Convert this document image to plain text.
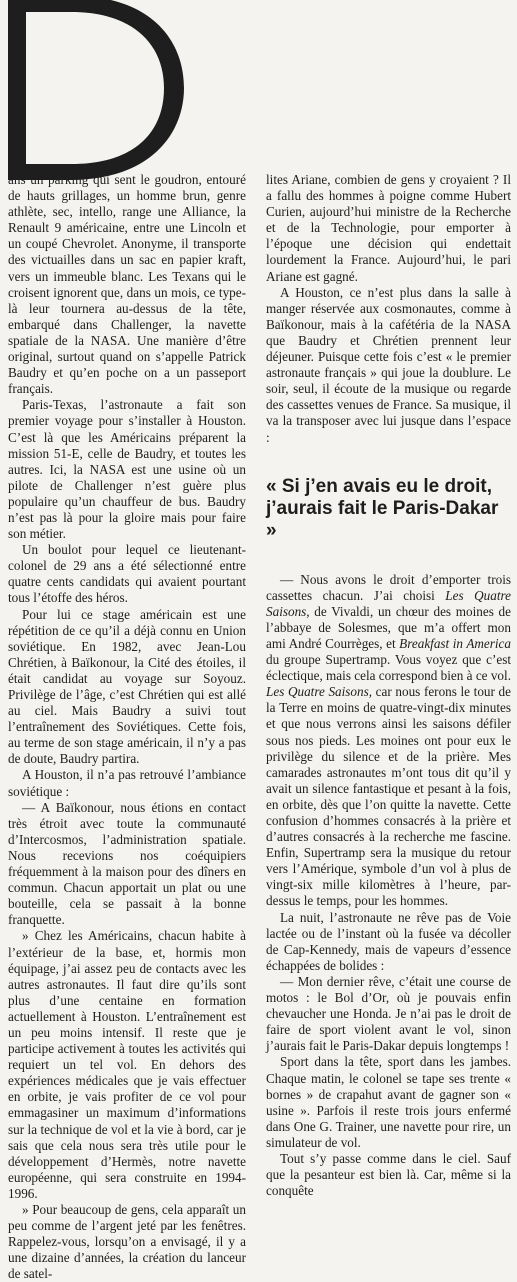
ans un parking qui sent le goudron, entouré de hauts grillages, un homme brun, genre athlète, sec, intello, range une Alliance, la Renault 9 américaine, entre une Lincoln et un coupé Chevrolet. Anonyme, il transporte des victuailles dans un sac en papier kraft, vers un immeuble blanc. Les Texans qui le croisent ignorent que, dans un mois, ce type-là leur tournera au-dessus de la tête, embarqué dans Challenger, la navette spatiale de la NASA. Une manière d’être original, surtout quand on s’appelle Patrick Baudry et qu’en poche on a un passeport français.

Paris-Texas, l’astronaute a fait son premier voyage pour s’installer à Houston. C’est là que les Américains préparent la mission 51-E, celle de Baudry, et toutes les autres. Ici, la NASA est une usine où un pilote de Challenger n’est guère plus populaire qu’un chauffeur de bus. Baudry n’est pas là pour la gloire mais pour faire son métier.

Un boulot pour lequel ce lieutenant-colonel de 29 ans a été sélectionné entre quatre cents candidats qui avaient pourtant tous l’étoffe des héros.

Pour lui ce stage américain est une répétition de ce qu’il a déjà connu en Union soviétique. En 1982, avec Jean-Lou Chrétien, à Baïkonour, la Cité des étoiles, il était candidat au voyage sur Soyouz. Privilège de l’âge, c’est Chrétien qui est allé au ciel. Mais Baudry a suivi tout l’entraînement des Soviétiques. Cette fois, au terme de son stage américain, il n’y a pas de doute, Baudry partira.

A Houston, il n’a pas retrouvé l’ambiance soviétique :

— A Baïkonour, nous étions en contact très étroit avec toute la communauté d’Intercosmos, l’administration spatiale. Nous recevions nos coéquipiers fréquemment à la maison pour des dîners en commun. Chacun apportait un plat ou une bouteille, cela se passait à la bonne franquette.

» Chez les Américains, chacun habite à l’extérieur de la base, et, hormis mon équipage, j’ai assez peu de contacts avec les autres astronautes. Il faut dire qu’ils sont plus d’une centaine en formation actuellement à Houston. L’entraînement est un peu moins intensif. Il reste que je participe activement à toutes les activités qui requiert un tel vol. En dehors des expériences médicales que je vais effectuer en orbite, je vais profiter de ce vol pour emmagasiner un maximum d’informations sur la technique de vol et la vie à bord, car je sais que cela nous sera très utile pour le développement d’Hermès, notre navette européenne, qui sera construite en 1994-1996.

» Pour beaucoup de gens, cela apparaît un peu comme de l’argent jeté par les fenêtres. Rappelez-vous, lorsqu’on a envisagé, il y a une dizaine d’années, la création du lanceur de satel-

lites Ariane, combien de gens y croyaient ? Il a fallu des hommes à poigne comme Hubert Curien, aujourd’hui ministre de la Recherche et de la Technologie, pour emporter à l’époque une décision qui endettait lourdement la France. Aujourd’hui, le pari Ariane est gagné.

A Houston, ce n’est plus dans la salle à manger réservée aux cosmonautes, comme à Baïkonour, mais à la cafétéria de la NASA que Baudry et Chrétien prennent leur déjeuner. Puisque cette fois c’est « le premier astronaute français » qui joue la doublure. Le soir, seul, il écoute de la musique ou regarde des cassettes venues de France. Sa musique, il va la transposer avec lui jusque dans l’espace :

« Si j’en avais eu le droit, j’aurais fait le Paris-Dakar »

— Nous avons le droit d’emporter trois cassettes chacun. J’ai choisi Les Quatre Saisons, de Vivaldi, un chœur des moines de l’abbaye de Solesmes, que m’a offert mon ami André Courrèges, et Breakfast in America du groupe Supertramp. Vous voyez que c’est éclectique, mais cela correspond bien à ce vol. Les Quatre Saisons, car nous ferons le tour de la Terre en moins de quatre-vingt-dix minutes et que nous verrons ainsi les saisons défiler sous nos pieds. Les moines ont pour eux le privilège du silence et de la prière. Mes camarades astronautes m’ont tous dit qu’il y avait un silence fantastique et pesant à la fois, en orbite, dès que l’on quitte la navette. Cette confusion d’hommes consacrés à la prière et d’autres consacrés à la recherche me fascine. Enfin, Supertramp sera la musique du retour vers l’Amérique, symbole d’un vol à plus de vingt-six mille kilomètres à l’heure, par-dessus le temps, pour les hommes.

La nuit, l’astronaute ne rêve pas de Voie lactée ou de l’instant où la fusée va décoller de Cap-Kennedy, mais de vapeurs d’essence échappées de bolides :

— Mon dernier rêve, c’était une course de motos : le Bol d’Or, où je pouvais enfin chevaucher une Honda. Je n’ai pas le droit de faire de sport violent avant le vol, sinon j’aurais fait le Paris-Dakar depuis longtemps !

Sport dans la tête, sport dans les jambes. Chaque matin, le colonel se tape ses trente « bornes » de crapahut avant de gagner son « usine ». Parfois il reste trois jours enfermé dans One G. Trainer, une navette pour rire, un simulateur de vol.

Tout s’y passe comme dans le ciel. Sauf que la pesanteur est bien là. Car, même si la conquête
